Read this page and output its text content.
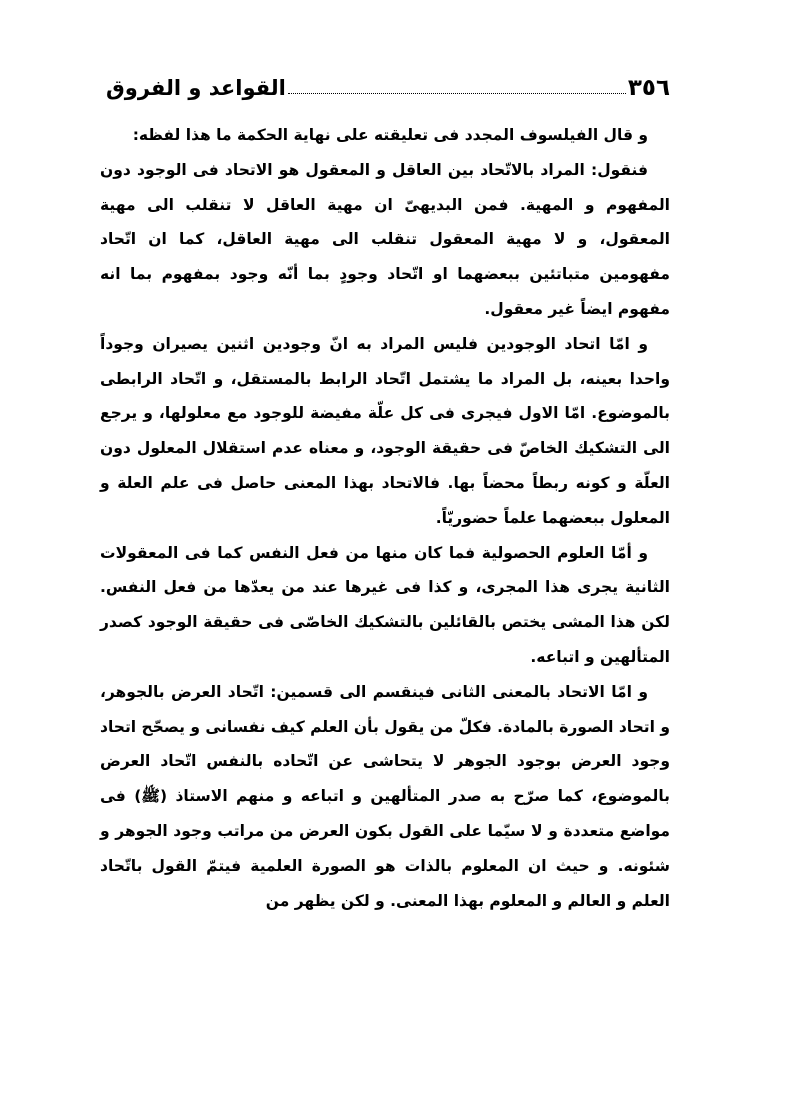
القواعد و الفروق	٣٥٦

و قال الفيلسوف المجدد فى تعليقته على نهاية الحكمة ما هذا لفظه:

فنقول: المراد بالاتّحاد بين العاقل و المعقول هو الاتحاد فى الوجود دون المفهوم و المهية. فمن البديهىّ ان مهية العاقل لا تنقلب الى مهية المعقول، و لا مهية المعقول تنقلب الى مهية العاقل، كما ان اتّحاد مفهومين متباتئين ببعضهما او اتّحاد وجودٍ بما أنّه وجود بمفهوم بما انه مفهوم ايضاً غير معقول.

و امّا اتحاد الوجودين فليس المراد به انّ وجودين اثنين يصيران وجوداً واحدا بعينه، بل المراد ما يشتمل اتّحاد الرابط بالمستقل، و اتّحاد الرابطى بالموضوع. امّا الاول فيجرى فى كل علّة مفيضة للوجود مع معلولها، و يرجع الى التشكيك الخاصّ فى حقيقة الوجود، و معناه عدم استقلال المعلول دون العلّة و كونه ربطاً محضاً بها. فالاتحاد بهذا المعنى حاصل فى علم العلة و المعلول ببعضهما علماً حضوريّاً.

و أمّا العلوم الحصولية فما كان منها من فعل النفس كما فى المعقولات الثانية يجرى هذا المجرى، و كذا فى غيرها عند من يعدّها من فعل النفس. لكن هذا المشى يختص بالقائلين بالتشكيك الخاصّى فى حقيقة الوجود كصدر المتألهين و اتباعه.

و امّا الاتحاد بالمعنى الثانى فينقسم الى قسمين: اتّحاد العرض بالجوهر، و اتحاد الصورة بالمادة. فكلّ من يقول بأن العلم كيف نفسانى و يصحّح اتحاد وجود العرض بوجود الجوهر لا يتحاشى عن اتّحاده بالنفس اتّحاد العرض بالموضوع، كما صرّح به صدر المتألهين و اتباعه و منهم الاستاذ (ﷺ) فى مواضع متعددة و لا سيّما على القول بكون العرض من مراتب وجود الجوهر و شئونه. و حيث ان المعلوم بالذات هو الصورة العلمية فيتمّ القول باتّحاد العلم و العالم و المعلوم بهذا المعنى. و لكن يظهر من
